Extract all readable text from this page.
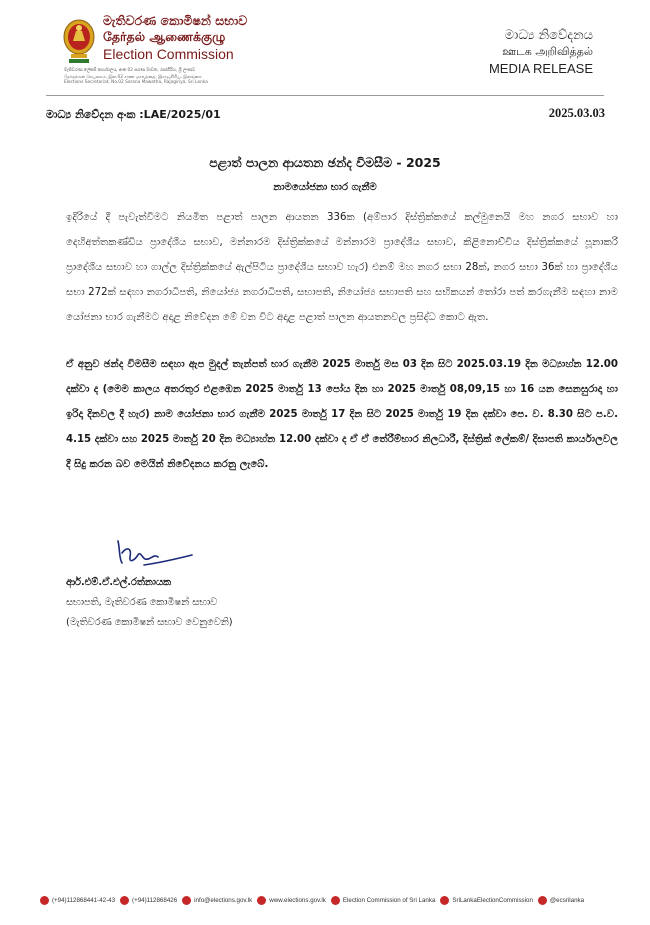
මැතිවරණ කොමිෂන් සභාව
தேர்தல் ஆணைக்குழு
Election Commission
මැතිවරණ ලේකම් කාර්යාලය, අංක 02 සරණ මාවත, රාජගිරිය, ශ්‍රී ලංකාව
தேர்தல்கள் செயலகம், இல.02 சரண மாவத்தை, இராஜகிரிய, இலங்கை
Elections Secretariat, No.02 Sarana Mawatha, Rajagiriya, Sri Lanka
මාධ්‍ය නිවේදනය
ஊடக அறிவித்தல்
MEDIA RELEASE
මාධ්‍ය නිවේදන අංක :LAE/2025/01	2025.03.03
පළාත් පාලන ආයතන ඡන්ද විමසීම - 2025
නාමයෝජනා භාර ගැනීම

ඉදිරියේ දී පැවැත්වීමට නියමිත පළාත් පාලන ආයතන 336ක (අම්පාර දිස්ත්‍රික්කයේ කල්මුනෙයි මහ නගර සභාව හා දෙහිඅත්තකණ්ඩිය ප්‍රාදේශීය සභාව, මන්නාරම දිස්ත්‍රික්කයේ මන්නාරම ප්‍රාදේශීය සභාව, කිළිනොච්චිය දිස්ත්‍රික්කයේ පූනාකරි ප්‍රාදේශීය සභාව හා ගාල්ල දිස්ත්‍රික්කයේ ඇල්පිටිය ප්‍රාදේශීය සභාව හැර) එනම් මහ නගර සභා 28ක්, නගර සභා 36ක් හා ප්‍රාදේශීය සභා 272ක් සඳහා නගරාධිපති, නියෝජ්‍ය නගරාධිපති, සභාපති, නියෝජ්‍ය සභාපති සහ සභිකයන් තෝරා පත් කරගැනීම සඳහා නාම යෝජනා භාර ගැනීමට අදාළ නිවේදන මේ වන විට අදාළ පළාත් පාලන ආයතනවල ප්‍රසිද්ධ කොට ඇත.

ඒ අනුව ඡන්ද විමසීම සඳහා ඇප මුදල් තැන්පත් භාර ගැනීම 2025 මාර්තු මස 03 දින සිට 2025.03.19 දින මධ්‍යාහ්න 12.00 දක්වා ද (මෙම කාලය අතරතුර එළඹෙන 2025 මාර්තු 13 පෝය දින හා 2025 මාර්තු 08,09,15 හා 16 යන සෙනසුරාදා හා ඉරිදා දිනවල දී හැර) නාම යෝජනා භාර ගැනීම 2025 මාර්තු 17 දින සිට 2025 මාර්තු 19 දින දක්වා පෙ. ව. 8.30 සිට ප.ව. 4.15 දක්වා සහ 2025 මාර්තු 20 දින මධ්‍යාහ්න 12.00 දක්වා ද ඒ ඒ තේරීම්භාර නිලධාරී, දිස්ත්‍රික් ලේකම්/ දිසාපති කාර්යාලවල දී සිදු කරන බව මෙයින් නිවේදනය කරනු ලැබේ.

ආර්.එම්.ඒ.එල්.රත්නායක
සභාපති, මැතිවරණ කොමිෂන් සභාව
(මැතිවරණ කොමිෂන් සභාව වෙනුවෙනි)
(+94)112868441-42-43	(+94)112868426	info@elections.gov.lk	www.elections.gov.lk	Election Commission of Sri Lanka	SriLankaElectionCommission	@ecsrilanka
